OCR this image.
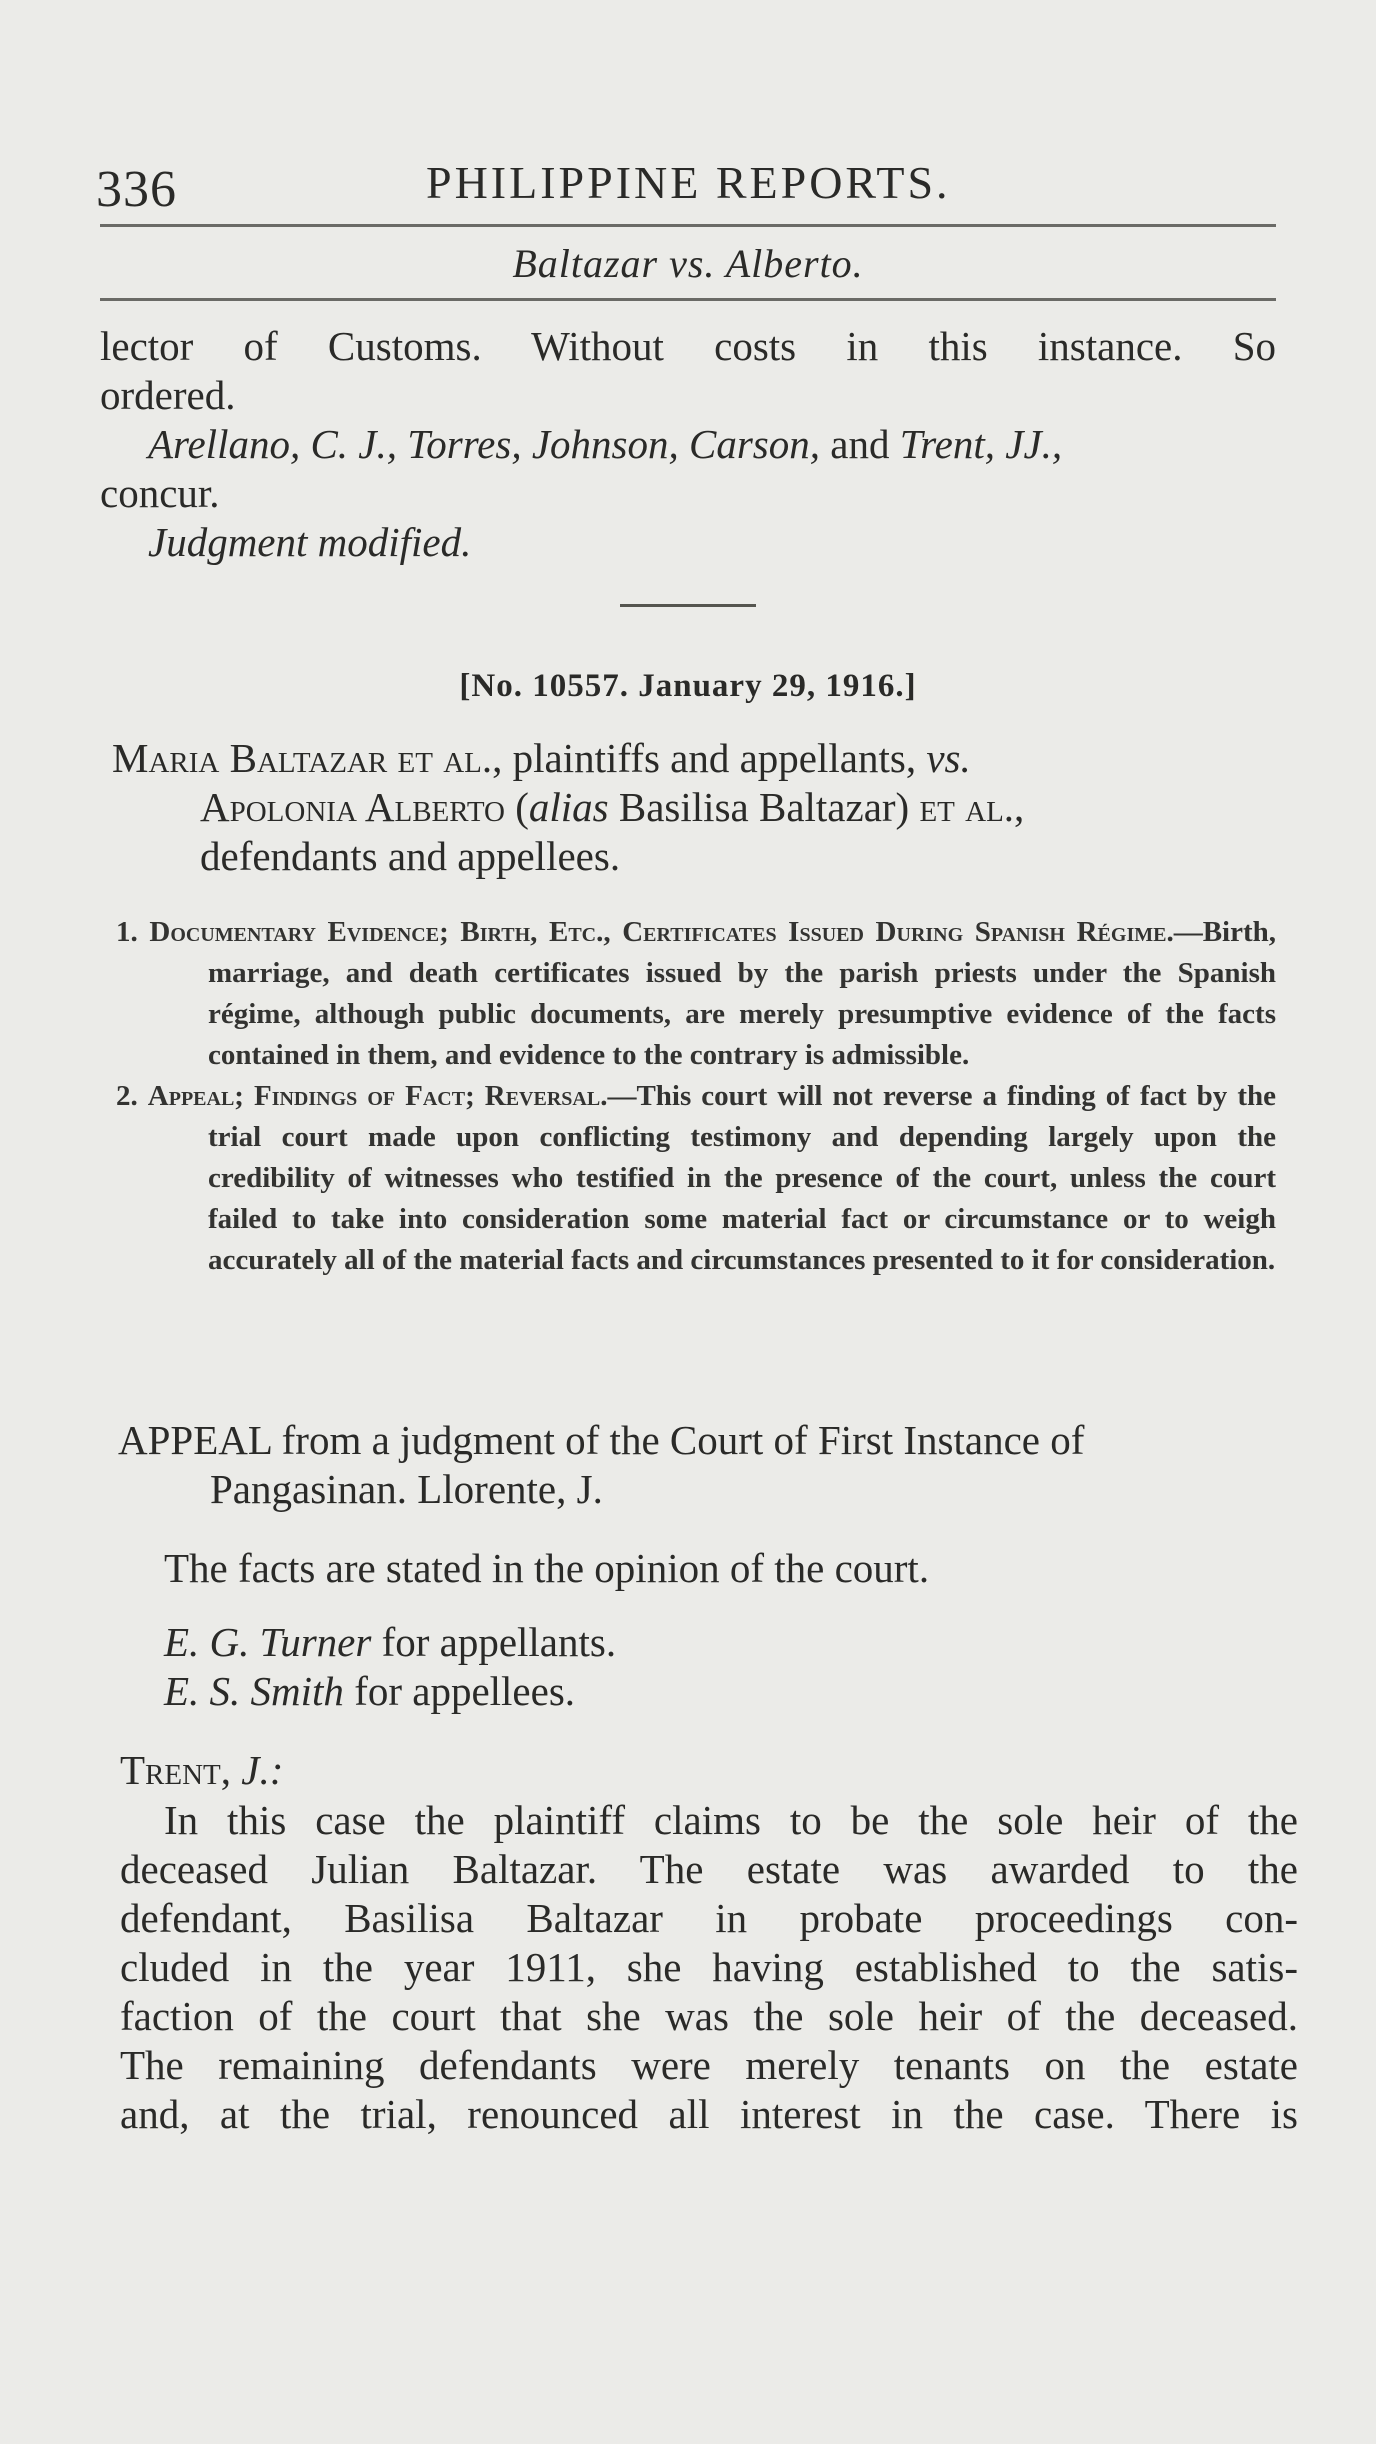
336	PHILIPPINE REPORTS.
Baltazar vs. Alberto.
lector of Customs. Without costs in this instance. So
ordered.
Arellano, C. J., Torres, Johnson, Carson, and Trent, JJ.,
concur.
Judgment modified.
[No. 10557. January 29, 1916.]
Maria Baltazar et al., plaintiffs and appellants, vs.
Apolonia Alberto (alias Basilisa Baltazar) et al.,
defendants and appellees.
1. Documentary Evidence; Birth, Etc., Certificates Issued During Spanish Régime.—Birth, marriage, and death certificates issued by the parish priests under the Spanish régime, although public documents, are merely presumptive evidence of the facts contained in them, and evidence to the contrary is admissible.
2. Appeal; Findings of Fact; Reversal.—This court will not reverse a finding of fact by the trial court made upon conflicting testimony and depending largely upon the credibility of witnesses who testified in the presence of the court, unless the court failed to take into consideration some material fact or circumstance or to weigh accurately all of the material facts and circumstances presented to it for consideration.
APPEAL from a judgment of the Court of First Instance of
Pangasinan. Llorente, J.
The facts are stated in the opinion of the court.
E. G. Turner for appellants.
E. S. Smith for appellees.
Trent, J.:
In this case the plaintiff claims to be the sole heir of the
deceased Julian Baltazar. The estate was awarded to the
defendant, Basilisa Baltazar in probate proceedings con-
cluded in the year 1911, she having established to the satis-
faction of the court that she was the sole heir of the deceased.
The remaining defendants were merely tenants on the estate
and, at the trial, renounced all interest in the case. There is
